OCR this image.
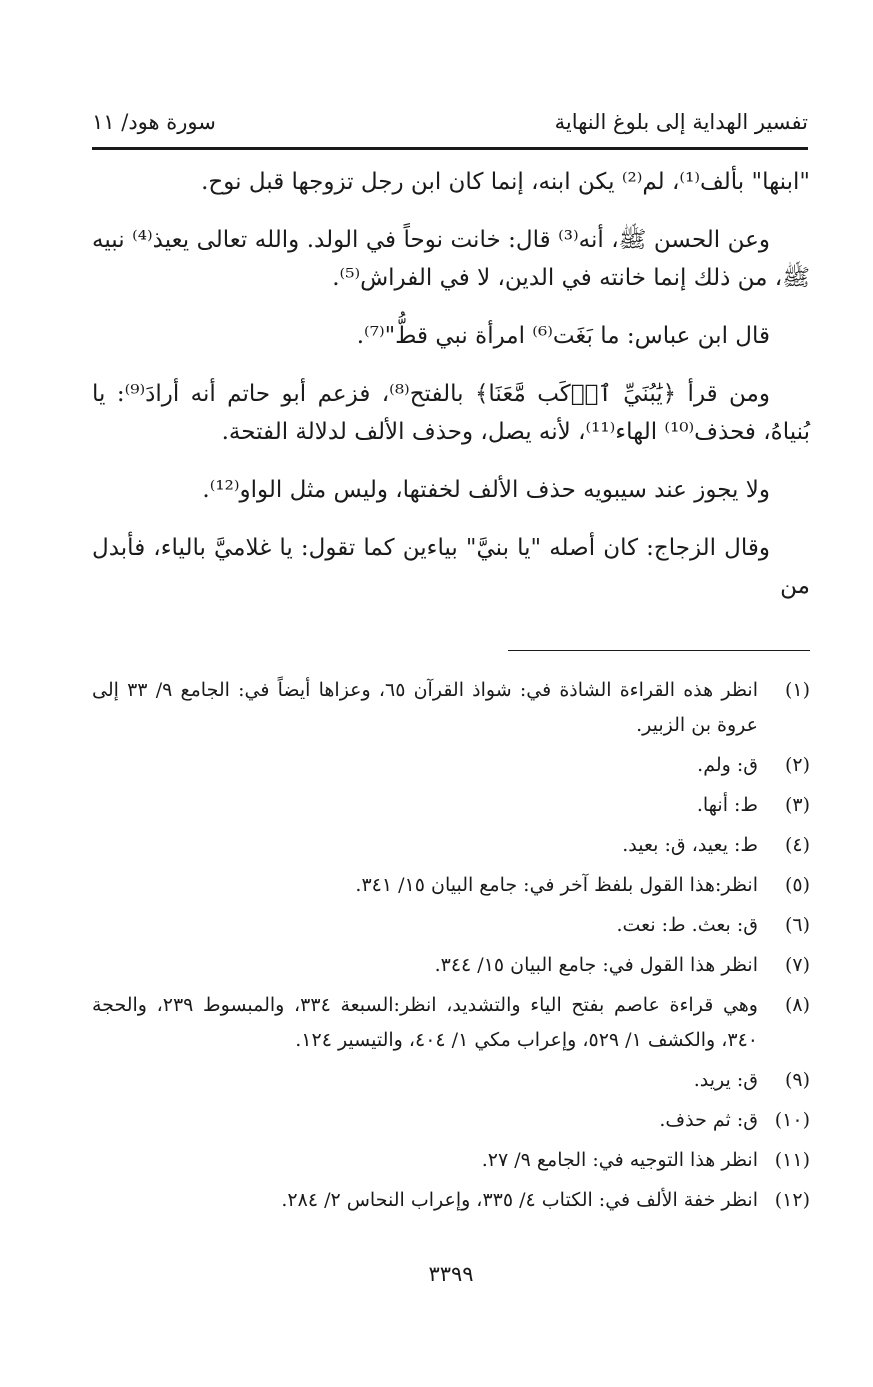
تفسير الهداية إلى بلوغ النهاية
سورة هود/ ١١

"ابنها" بألف⁽¹⁾، لم⁽²⁾ يكن ابنه، إنما كان ابن رجل تزوجها قبل نوح.

وعن الحسن ﷺ، أنه⁽³⁾ قال: خانت نوحاً في الولد. والله تعالى يعيذ⁽⁴⁾ نبيه ﷺ، من ذلك إنما خانته في الدين، لا في الفراش⁽⁵⁾.

قال ابن عباس: ما بَغَت⁽⁶⁾ امرأة نبي قطُّ"⁽⁷⁾.

ومن قرأ ﴿يَٰبُنَيِّ ٱرۡكَب مَّعَنَا﴾ بالفتح⁽⁸⁾، فزعم أبو حاتم أنه أرادَ⁽⁹⁾: يا بُنياهُ، فحذف⁽¹⁰⁾ الهاء⁽¹¹⁾، لأنه يصل، وحذف الألف لدلالة الفتحة.

ولا يجوز عند سيبويه حذف الألف لخفتها، وليس مثل الواو⁽¹²⁾.

وقال الزجاج: كان أصله "يا بنيَّ" بياءين كما تقول: يا غلاميَّ بالياء، فأبدل من

(١)
انظر هذه القراءة الشاذة في: شواذ القرآن ٦٥، وعزاها أيضاً في: الجامع ٩/ ٣٣ إلى عروة بن الزبير.
(٢)
ق: ولم.
(٣)
ط: أنها.
(٤)
ط: يعيد، ق: بعيد.
(٥)
انظر:هذا القول بلفظ آخر في: جامع البيان ١٥/ ٣٤١.
(٦)
ق: بعث. ط: نعت.
(٧)
انظر هذا القول في: جامع البيان ١٥/ ٣٤٤.
(٨)
وهي قراءة عاصم بفتح الياء والتشديد، انظر:السبعة ٣٣٤، والمبسوط ٢٣٩، والحجة ٣٤٠، والكشف ١/ ٥٢٩، وإعراب مكي ١/ ٤٠٤، والتيسير ١٢٤.
(٩)
ق: يريد.
(١٠)
ق: ثم حذف.
(١١)
انظر هذا التوجيه في: الجامع ٩/ ٢٧.
(١٢)
انظر خفة الألف في: الكتاب ٤/ ٣٣٥، وإعراب النحاس ٢/ ٢٨٤.
٣٣٩٩
